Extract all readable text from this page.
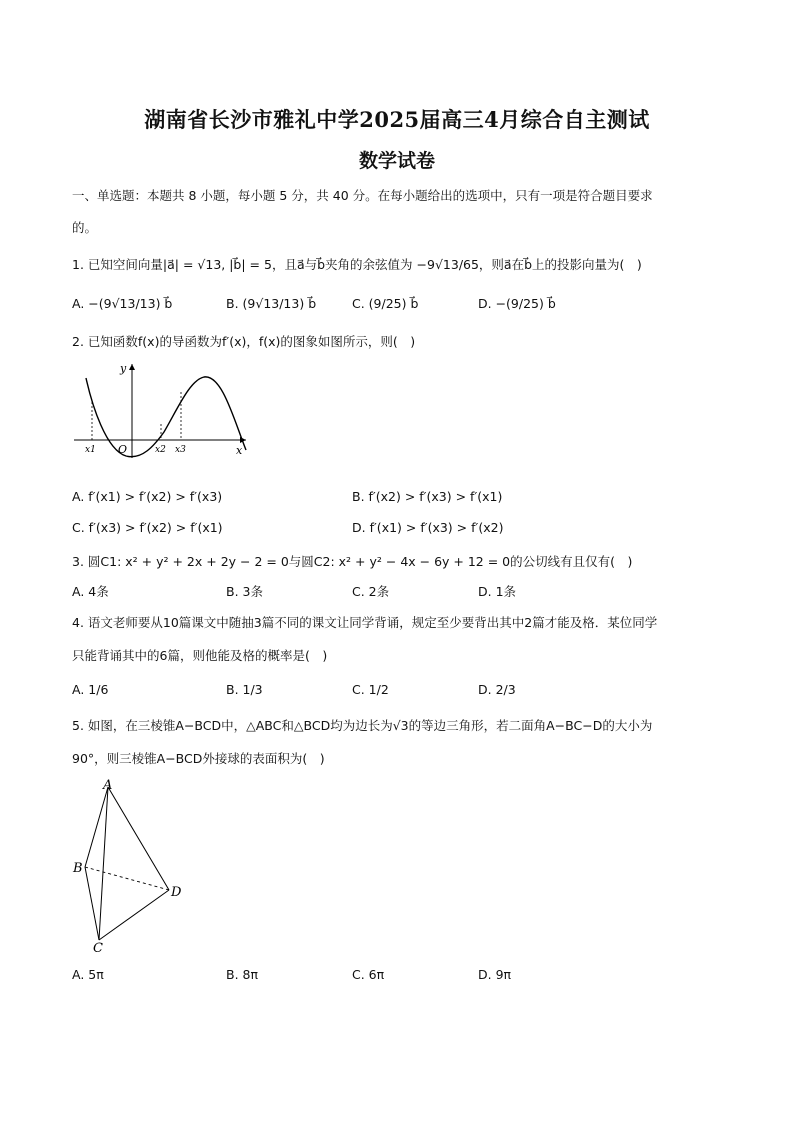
湖南省长沙市雅礼中学2025届高三4月综合自主测试
数学试卷
一、单选题：本题共 8 小题，每小题 5 分，共 40 分。在每小题给出的选项中，只有一项是符合题目要求
的。
1. 已知空间向量|a⃗| = √13, |b⃗| = 5，且a⃗与b⃗夹角的余弦值为 −9√13/65，则a⃗在b⃗上的投影向量为(　)
A. −(9√13/13) b⃗	B. (9√13/13) b⃗	C. (9/25) b⃗	D. −(9/25) b⃗
2. 已知函数f(x)的导函数为f′(x)，f(x)的图象如图所示，则(　)
y
x
O
x1	x2 x3
A. f′(x1) > f′(x2) > f′(x3)	B. f′(x2) > f′(x3) > f′(x1)
C. f′(x3) > f′(x2) > f′(x1)	D. f′(x1) > f′(x3) > f′(x2)
3. 圆C1: x² + y² + 2x + 2y − 2 = 0与圆C2: x² + y² − 4x − 6y + 12 = 0的公切线有且仅有(　)
A. 4条	B. 3条	C. 2条	D. 1条
4. 语文老师要从10篇课文中随抽3篇不同的课文让同学背诵，规定至少要背出其中2篇才能及格．某位同学
只能背诵其中的6篇，则他能及格的概率是(　)
A. 1/6	B. 1/3	C. 1/2	D. 2/3
5. 如图，在三棱锥A−BCD中，△ABC和△BCD均为边长为√3的等边三角形，若二面角A−BC−D的大小为
90°，则三棱锥A−BCD外接球的表面积为(　)
A
B
C
D
A. 5π	B. 8π	C. 6π	D. 9π
